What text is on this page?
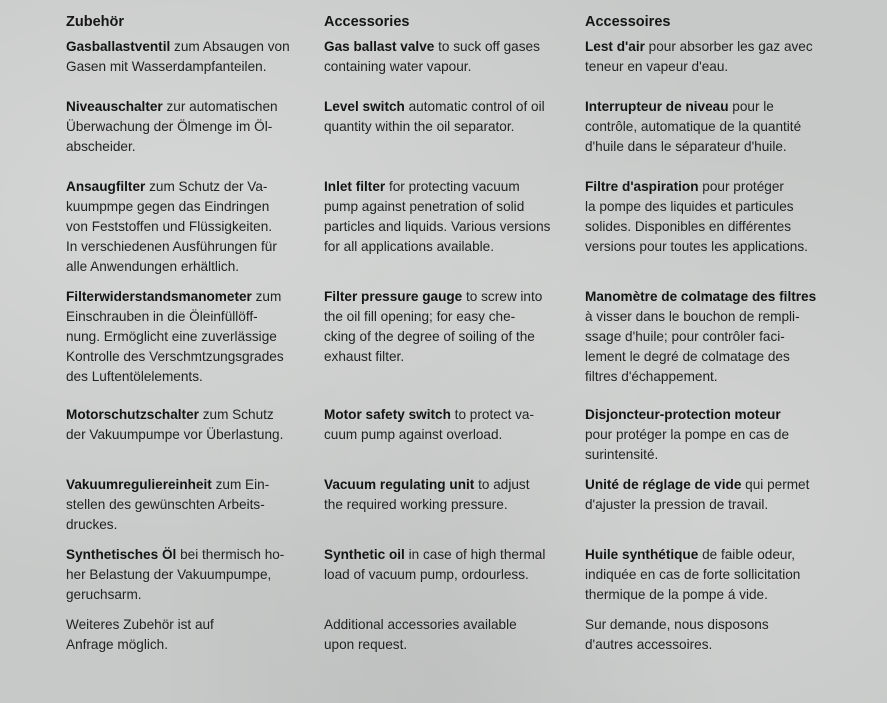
Zubehör
Gasballastventil zum Absaugen von
Gasen mit Wasserdampfanteilen.
Niveauschalter zur automatischen
Überwachung der Ölmenge im Öl-
abscheider.
Ansaugfilter zum Schutz der Va-
kuumpmpe gegen das Eindringen
von Feststoffen und Flüssigkeiten.
In verschiedenen Ausführungen für
alle Anwendungen erhältlich.
Filterwiderstandsmanometer zum
Einschrauben in die Öleinfüllöff-
nung. Ermöglicht eine zuverlässige
Kontrolle des Verschmtzungsgrades
des Luftentölelements.
Motorschutzschalter zum Schutz
der Vakuumpumpe vor Überlastung.
Vakuumreguliereinheit zum Ein-
stellen des gewünschten Arbeits-
druckes.
Synthetisches Öl bei thermisch ho-
her Belastung der Vakuumpumpe,
geruchsarm.
Weiteres Zubehör ist auf
Anfrage möglich.
Accessories
Gas ballast valve to suck off gases
containing water vapour.
Level switch automatic control of oil
quantity within the oil separator.
Inlet filter for protecting vacuum
pump against penetration of solid
particles and liquids. Various versions
for all applications available.
Filter pressure gauge to screw into
the oil fill opening; for easy che-
cking of the degree of soiling of the
exhaust filter.
Motor safety switch to protect va-
cuum pump against overload.
Vacuum regulating unit to adjust
the required working pressure.
Synthetic oil in case of high thermal
load of vacuum pump, ordourless.
Additional accessories available
upon request.
Accessoires
Lest d'air pour absorber les gaz avec
teneur en vapeur d'eau.
Interrupteur de niveau pour le
contrôle, automatique de la quantité
d'huile dans le séparateur d'huile.
Filtre d'aspiration pour protéger
la pompe des liquides et particules
solides. Disponibles en différentes
versions pour toutes les applications.
Manomètre de colmatage des filtres
à visser dans le bouchon de rempli-
ssage d'huile; pour contrôler faci-
lement le degré de colmatage des
filtres d'échappement.
Disjoncteur-protection moteur
pour protéger la pompe en cas de
surintensité.
Unité de réglage de vide qui permet
d'ajuster la pression de travail.
Huile synthétique de faible odeur,
indiquée en cas de forte sollicitation
thermique de la pompe á vide.
Sur demande, nous disposons
d'autres accessoires.
